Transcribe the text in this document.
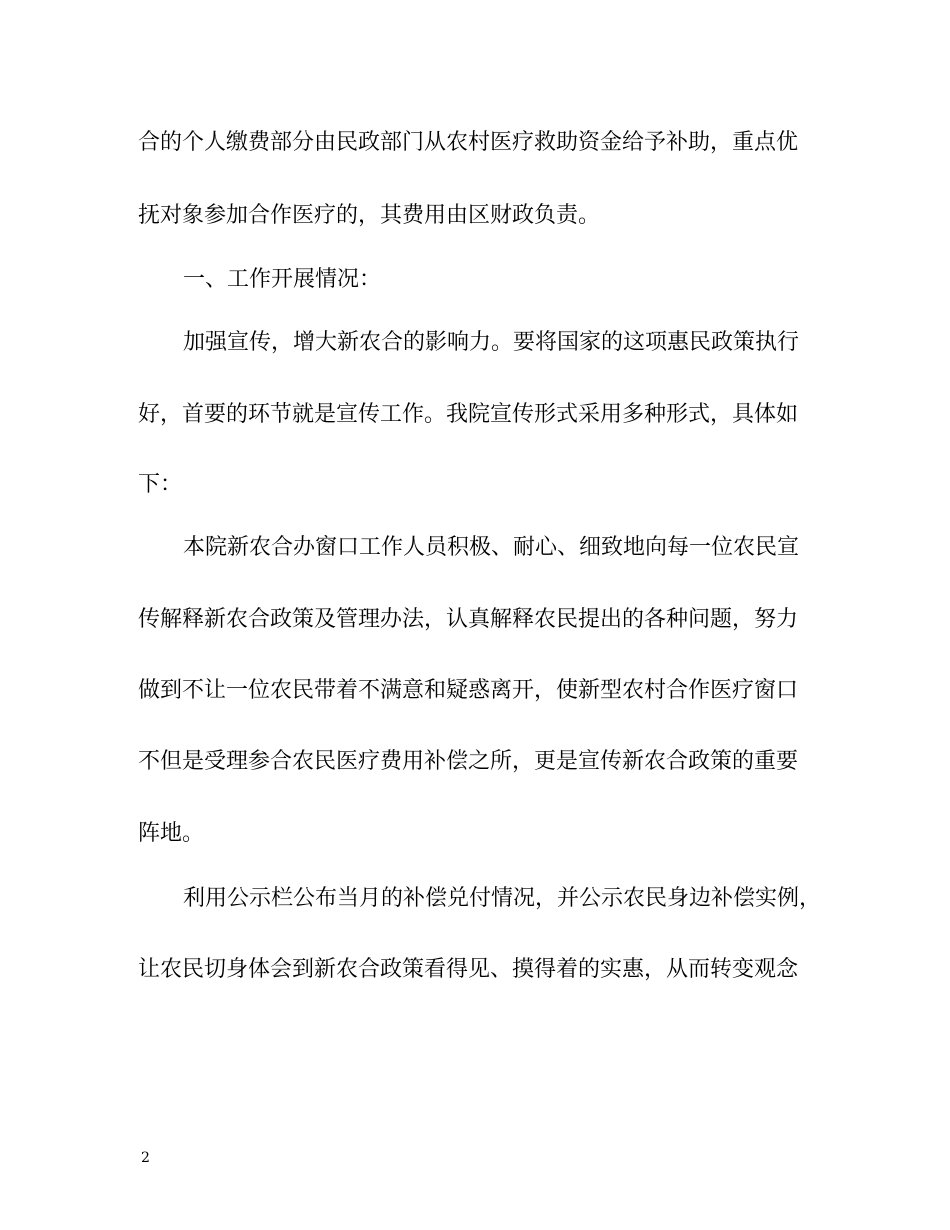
合的个人缴费部分由民政部门从农村医疗救助资金给予补助，重点优
抚对象参加合作医疗的，其费用由区财政负责。
一、工作开展情况：
加强宣传，增大新农合的影响力。要将国家的这项惠民政策执行
好，首要的环节就是宣传工作。我院宣传形式采用多种形式，具体如
下：
本院新农合办窗口工作人员积极、耐心、细致地向每一位农民宣
传解释新农合政策及管理办法，认真解释农民提出的各种问题，努力
做到不让一位农民带着不满意和疑惑离开，使新型农村合作医疗窗口
不但是受理参合农民医疗费用补偿之所，更是宣传新农合政策的重要
阵地。
利用公示栏公布当月的补偿兑付情况，并公示农民身边补偿实例，
让农民切身体会到新农合政策看得见、摸得着的实惠，从而转变观念
2
